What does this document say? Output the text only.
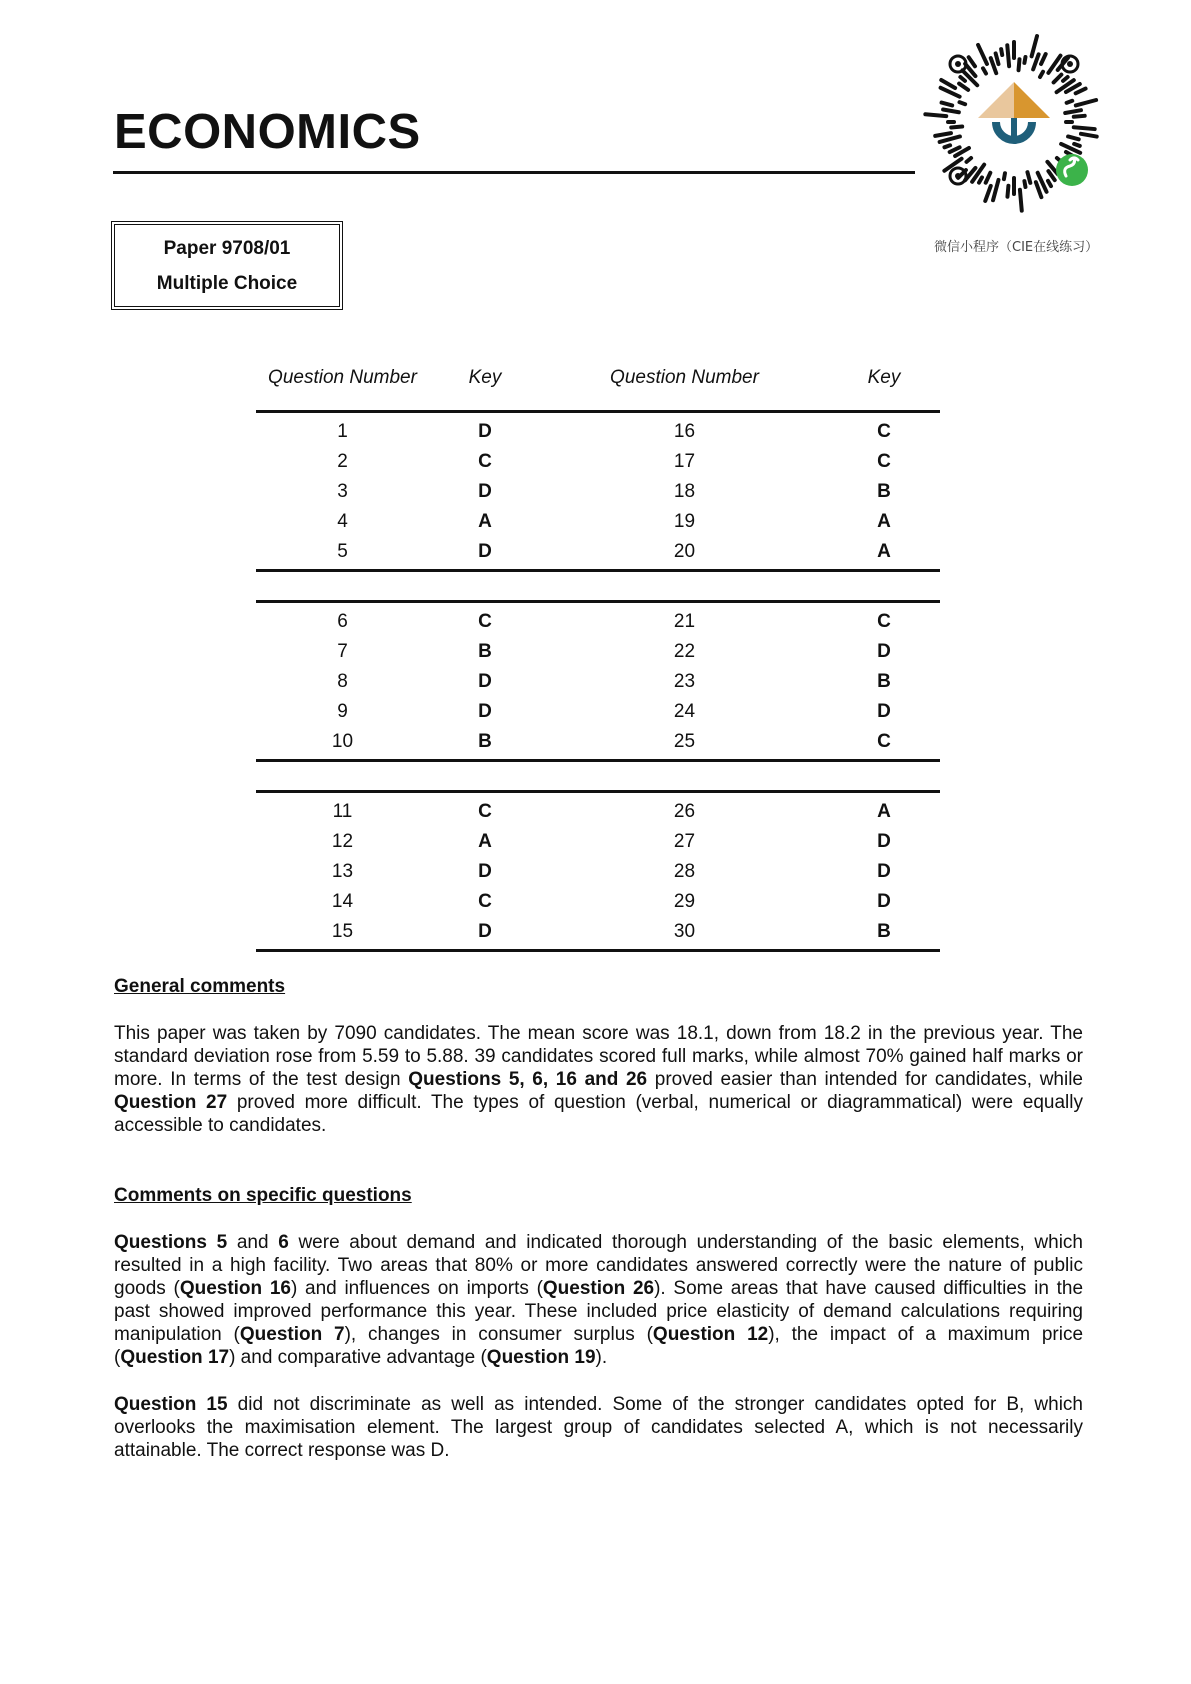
ECONOMICS
微信小程序（CIE在线练习）
Paper 9708/01
Multiple Choice
Question Number	Key	Question Number	Key
1	D	16	C
2	C	17	C
3	D	18	B
4	A	19	A
5	D	20	A

6	C	21	C
7	B	22	D
8	D	23	B
9	D	24	D
10	B	25	C

11	C	26	A
12	A	27	D
13	D	28	D
14	C	29	D
15	D	30	B
General comments

This paper was taken by 7090 candidates. The mean score was 18.1, down from 18.2 in the previous year. The standard deviation rose from 5.59 to 5.88. 39 candidates scored full marks, while almost 70% gained half marks or more. In terms of the test design Questions 5, 6, 16 and 26 proved easier than intended for candidates, while Question 27 proved more difficult. The types of question (verbal, numerical or diagrammatical) were equally accessible to candidates.

Comments on specific questions

Questions 5 and 6 were about demand and indicated thorough understanding of the basic elements, which resulted in a high facility. Two areas that 80% or more candidates answered correctly were the nature of public goods (Question 16) and influences on imports (Question 26). Some areas that have caused difficulties in the past showed improved performance this year. These included price elasticity of demand calculations requiring manipulation (Question 7), changes in consumer surplus (Question 12), the impact of a maximum price (Question 17) and comparative advantage (Question 19).

Question 15 did not discriminate as well as intended. Some of the stronger candidates opted for B, which overlooks the maximisation element. The largest group of candidates selected A, which is not necessarily attainable. The correct response was D.
